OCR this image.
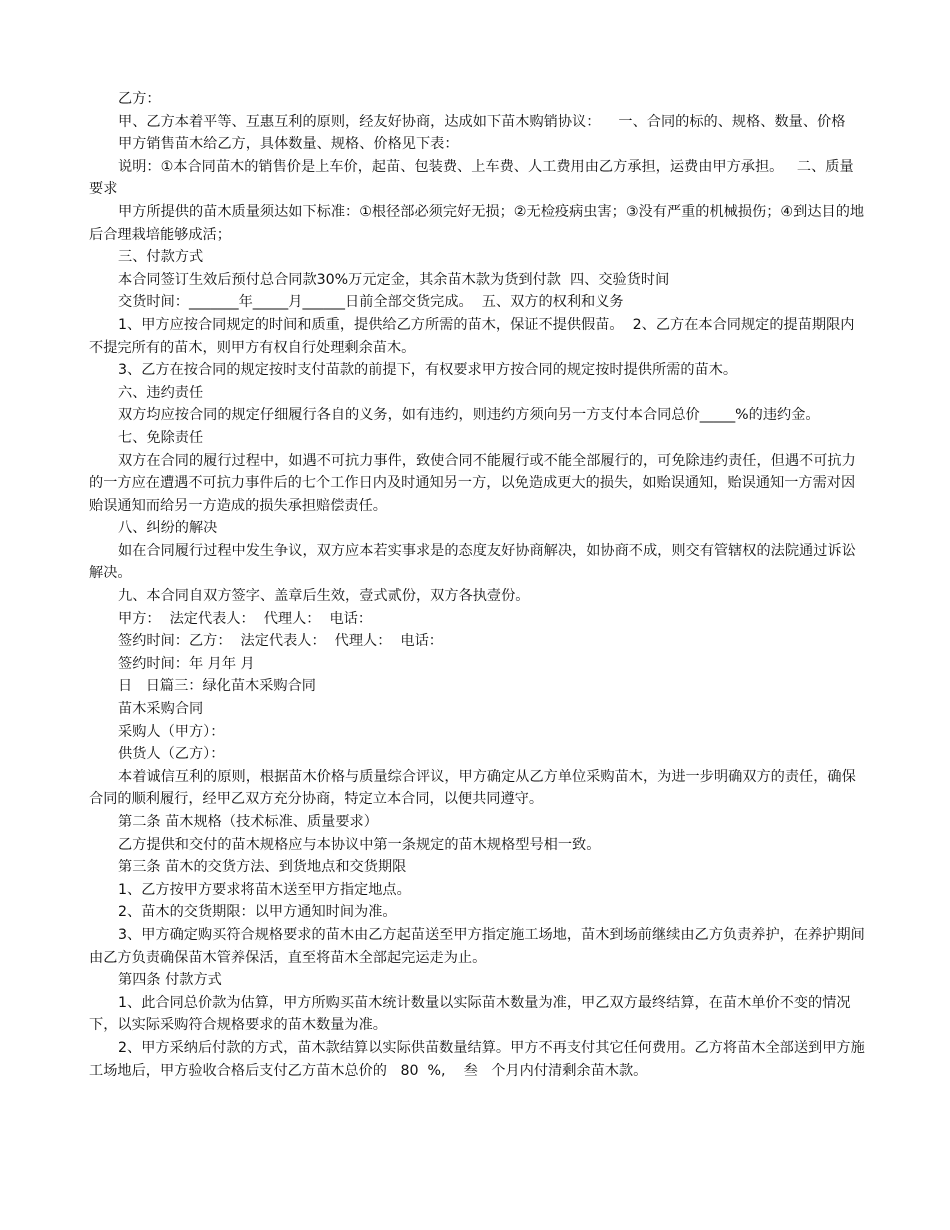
乙方：

甲、乙方本着平等、互惠互利的原则，经友好协商，达成如下苗木购销协议：    一、合同的标的、规格、数量、价格

甲方销售苗木给乙方，具体数量、规格、价格见下表：

说明：①本合同苗木的销售价是上车价，起苗、包装费、上车费、人工费用由乙方承担，运费由甲方承担。   二、质量要求

甲方所提供的苗木质量须达如下标准：①根径部必须完好无损；②无检疫病虫害；③没有严重的机械损伤；④到达目的地后合理栽培能够成活；

三、付款方式

本合同签订生效后预付总合同款30%万元定金，其余苗木款为货到付款  四、交验货时间

交货时间：_______年_____月______日前全部交货完成。  五、双方的权利和义务

1、甲方应按合同规定的时间和质重，提供给乙方所需的苗木，保证不提供假苗。  2、乙方在本合同规定的提苗期限内不提完所有的苗木，则甲方有权自行处理剩余苗木。

3、乙方在按合同的规定按时支付苗款的前提下，有权要求甲方按合同的规定按时提供所需的苗木。

六、违约责任

双方均应按合同的规定仔细履行各自的义务，如有违约，则违约方须向另一方支付本合同总价_____%的违约金。

七、免除责任

双方在合同的履行过程中，如遇不可抗力事件，致使合同不能履行或不能全部履行的，可免除违约责任，但遇不可抗力的一方应在遭遇不可抗力事件后的七个工作日内及时通知另一方，以免造成更大的损失，如贻误通知，贻误通知一方需对因贻误通知而给另一方造成的损失承担赔偿责任。

八、纠纷的解决

如在合同履行过程中发生争议，双方应本若实事求是的态度友好协商解决，如协商不成，则交有管辖权的法院通过诉讼解决。

九、本合同自双方签字、盖章后生效，壹式贰份，双方各执壹份。

甲方：  法定代表人：  代理人：  电话：

签约时间：乙方：  法定代表人：  代理人：  电话：

签约时间：年 月年 月

日   日篇三：绿化苗木采购合同

苗木采购合同

采购人（甲方）：

供货人（乙方）：

本着诚信互利的原则，根据苗木价格与质量综合评议，甲方确定从乙方单位采购苗木，为进一步明确双方的责任，确保合同的顺利履行，经甲乙双方充分协商，特定立本合同，以便共同遵守。

第二条 苗木规格（技术标准、质量要求）

乙方提供和交付的苗木规格应与本协议中第一条规定的苗木规格型号相一致。

第三条 苗木的交货方法、到货地点和交货期限

1、乙方按甲方要求将苗木送至甲方指定地点。

2、苗木的交货期限：以甲方通知时间为准。

3、甲方确定购买符合规格要求的苗木由乙方起苗送至甲方指定施工场地，苗木到场前继续由乙方负责养护，在养护期间由乙方负责确保苗木管养保活，直至将苗木全部起完运走为止。

第四条 付款方式

1、此合同总价款为估算，甲方所购买苗木统计数量以实际苗木数量为准，甲乙双方最终结算，在苗木单价不变的情况下，以实际采购符合规格要求的苗木数量为准。

2、甲方采纳后付款的方式，苗木款结算以实际供苗数量结算。甲方不再支付其它任何费用。乙方将苗木全部送到甲方施工场地后，甲方验收合格后支付乙方苗木总价的   80  %,    叁   个月内付清剩余苗木款。
